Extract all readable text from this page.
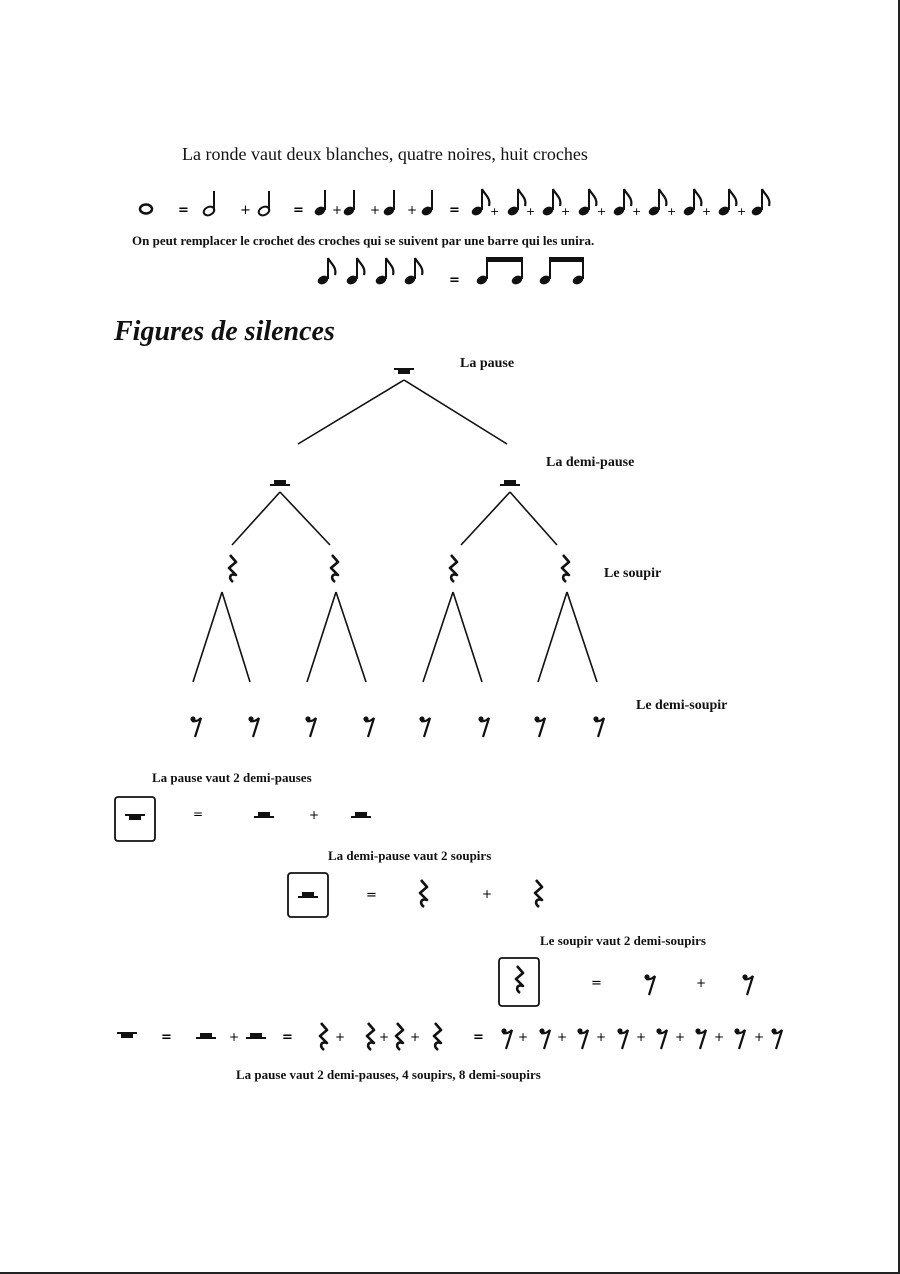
La ronde vaut deux blanches, quatre noires, huit croches
On peut remplacer le crochet des croches qui se suivent par une barre qui les unira.
Figures de silences
La pause
La demi-pause
Le soupir
Le demi-soupir
La pause vaut 2 demi-pauses
La demi-pause vaut 2 soupirs
Le soupir vaut 2 demi-soupirs
La pause vaut 2 demi-pauses, 4 soupirs, 8 demi-soupirs
=	+	= + + + =	+ + + + + + + +
=
=	+
=	+
=	+
=	+	=	+	+ +	=	+ + + + + + +
